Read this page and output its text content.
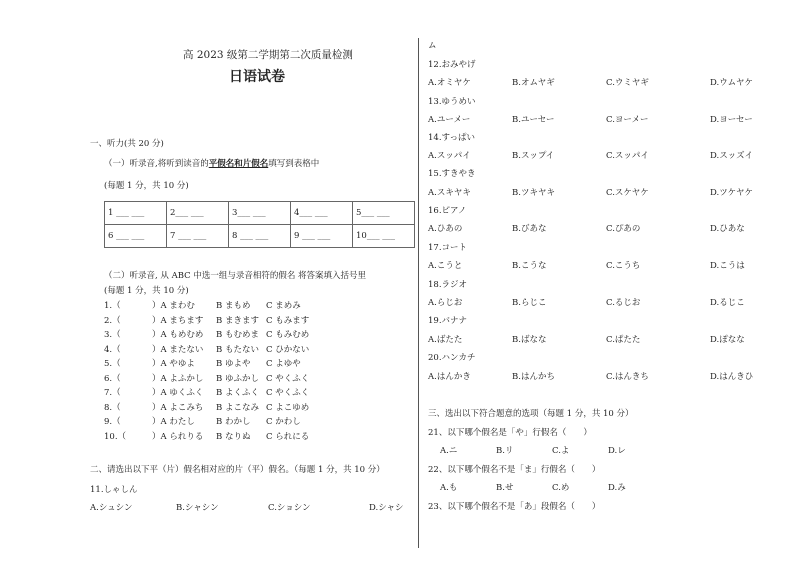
高 2023 级第二学期第二次质量检测
日语试卷
一、听力(共 20 分)
（一）听录音,将听到读音的平假名和片假名填写到表格中
(每题 1 分，共 10 分)
1 ___ ___	2___ ___	3___ ___	4___ ___	5___ ___
6 ___ ___	7 ___ ___	8 ___ ___	9 ___ ___	10___ ___
（二）听录音, 从 ABC 中选一组与录音相符的假名 将答案填入括号里
(每题 1 分，共 10 分)
1.（	）A まわむ B まもめ C まめみ
2.（	）A まちます B まきます C もみます
3.（	）A もめむめ B もむめま C もみむめ
4.（	）A またない B もたない C ひかない
5.（	）A やゆよ B ゆよや C よゆや
6.（	）A よふかし B ゆふかし C やくふく
7.（	）A ゆくふく B よくふく C やくふく
8.（	）A よこみち B よこなみ C よこゆめ
9.（	）A わたし B わかし C かわし
10.（	）A られりる B なりぬ C られにる
二、请选出以下平（片）假名相对应的片（平）假名。（每题 1 分，共 10 分）
11.しゃしん
A.シュシン	B.シャシン	C.ショシン	D.シャシ
ム
12.おみやげ
A.オミヤケ	B.オムヤギ	C.ウミヤギ	D.ウムヤケ
13.ゆうめい
A.ユーメー	B.ユーセー	C.ヨーメー	D.ヨーセー
14.すっぱい
A.スッパイ	B.スップイ	C.スッパイ	D.スッズイ
15.すきやき
A.スキヤキ	B.ツキヤキ	C.スケヤケ	D.ツケヤケ
16.ピアノ
A.ひあの	B.びあな	C.ぴあの	D.ひあな
17.コート
A.こうと	B.こうな	C.こうち	D.こうは
18.ラジオ
A.らじお	B.らじこ	C.るじお	D.るじこ
19.バナナ
A.ばたた	B.ばなな	C.ぱたた	D.ぽなな
20.ハンカチ
A.はんかき	B.はんかち	C.はんきち	D.はんきひ
三、选出以下符合题意的选项（每题 1 分，共 10 分）
21、以下哪个假名是「や」行假名（　　）
A.ニ	B.リ	C.よ	D.レ
22、以下哪个假名不是「ま」行假名（　　）
A.も	B.せ	C.め	D.み
23、以下哪个假名不是「あ」段假名（　　）
